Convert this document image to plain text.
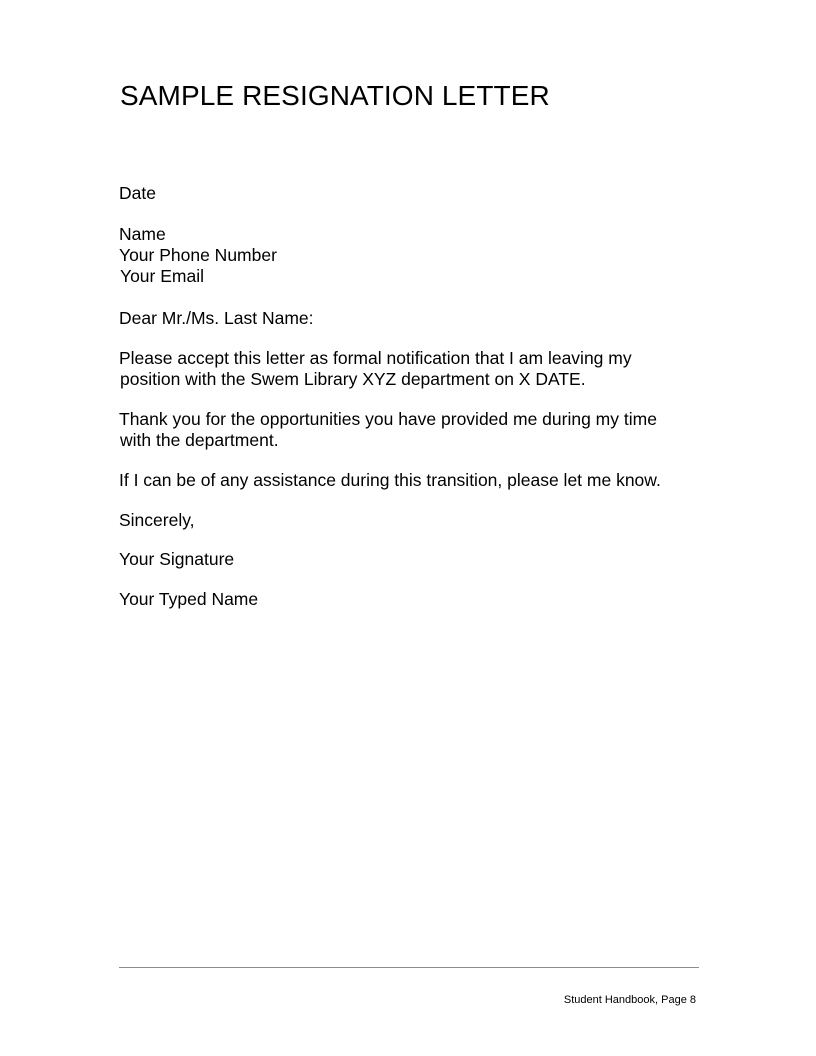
SAMPLE RESIGNATION LETTER

Date

Name
Your Phone Number
Your Email

Dear Mr./Ms. Last Name:

Please accept this letter as formal notification that I am leaving my
position with the Swem Library XYZ department on X DATE.

Thank you for the opportunities you have provided me during my time
with the department.

If I can be of any assistance during this transition, please let me know.

Sincerely,

Your Signature

Your Typed Name

Student Handbook, Page 8
